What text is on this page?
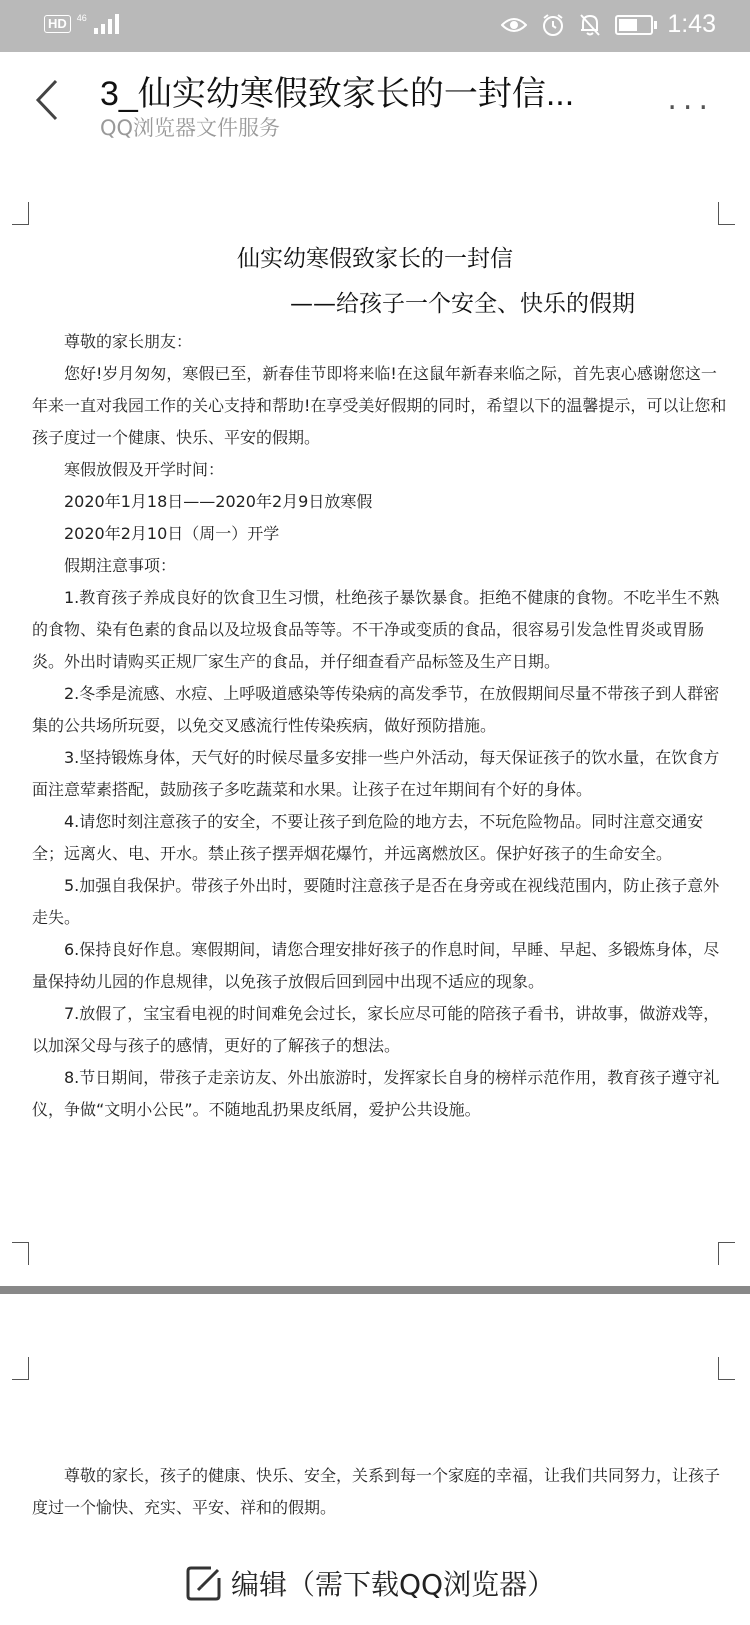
HD	46	1:43
3_仙实幼寒假致家长的一封信...
QQ浏览器文件服务
...
仙实幼寒假致家长的一封信
——给孩子一个安全、快乐的假期

尊敬的家长朋友：

您好!岁月匆匆，寒假已至，新春佳节即将来临!在这鼠年新春来临之际，首先衷心感谢您这一年来一直对我园工作的关心支持和帮助!在享受美好假期的同时，希望以下的温馨提示，可以让您和孩子度过一个健康、快乐、平安的假期。

寒假放假及开学时间：

2020年1月18日——2020年2月9日放寒假

2020年2月10日（周一）开学

假期注意事项：

1.教育孩子养成良好的饮食卫生习惯，杜绝孩子暴饮暴食。拒绝不健康的食物。不吃半生不熟的食物、染有色素的食品以及垃圾食品等等。不干净或变质的食品，很容易引发急性胃炎或胃肠炎。外出时请购买正规厂家生产的食品，并仔细查看产品标签及生产日期。

2.冬季是流感、水痘、上呼吸道感染等传染病的高发季节，在放假期间尽量不带孩子到人群密集的公共场所玩耍，以免交叉感流行性传染疾病，做好预防措施。

3.坚持锻炼身体，天气好的时候尽量多安排一些户外活动，每天保证孩子的饮水量，在饮食方面注意荤素搭配，鼓励孩子多吃蔬菜和水果。让孩子在过年期间有个好的身体。

4.请您时刻注意孩子的安全，不要让孩子到危险的地方去，不玩危险物品。同时注意交通安全；远离火、电、开水。禁止孩子摆弄烟花爆竹，并远离燃放区。保护好孩子的生命安全。

5.加强自我保护。带孩子外出时，要随时注意孩子是否在身旁或在视线范围内，防止孩子意外走失。

6.保持良好作息。寒假期间，请您合理安排好孩子的作息时间，早睡、早起、多锻炼身体，尽量保持幼儿园的作息规律，以免孩子放假后回到园中出现不适应的现象。

7.放假了，宝宝看电视的时间难免会过长，家长应尽可能的陪孩子看书，讲故事，做游戏等，以加深父母与孩子的感情，更好的了解孩子的想法。

8.节日期间，带孩子走亲访友、外出旅游时，发挥家长自身的榜样示范作用，教育孩子遵守礼仪，争做“文明小公民”。不随地乱扔果皮纸屑，爱护公共设施。

尊敬的家长，孩子的健康、快乐、安全，关系到每一个家庭的幸福，让我们共同努力，让孩子度过一个愉快、充实、平安、祥和的假期。

编辑（需下载QQ浏览器）
